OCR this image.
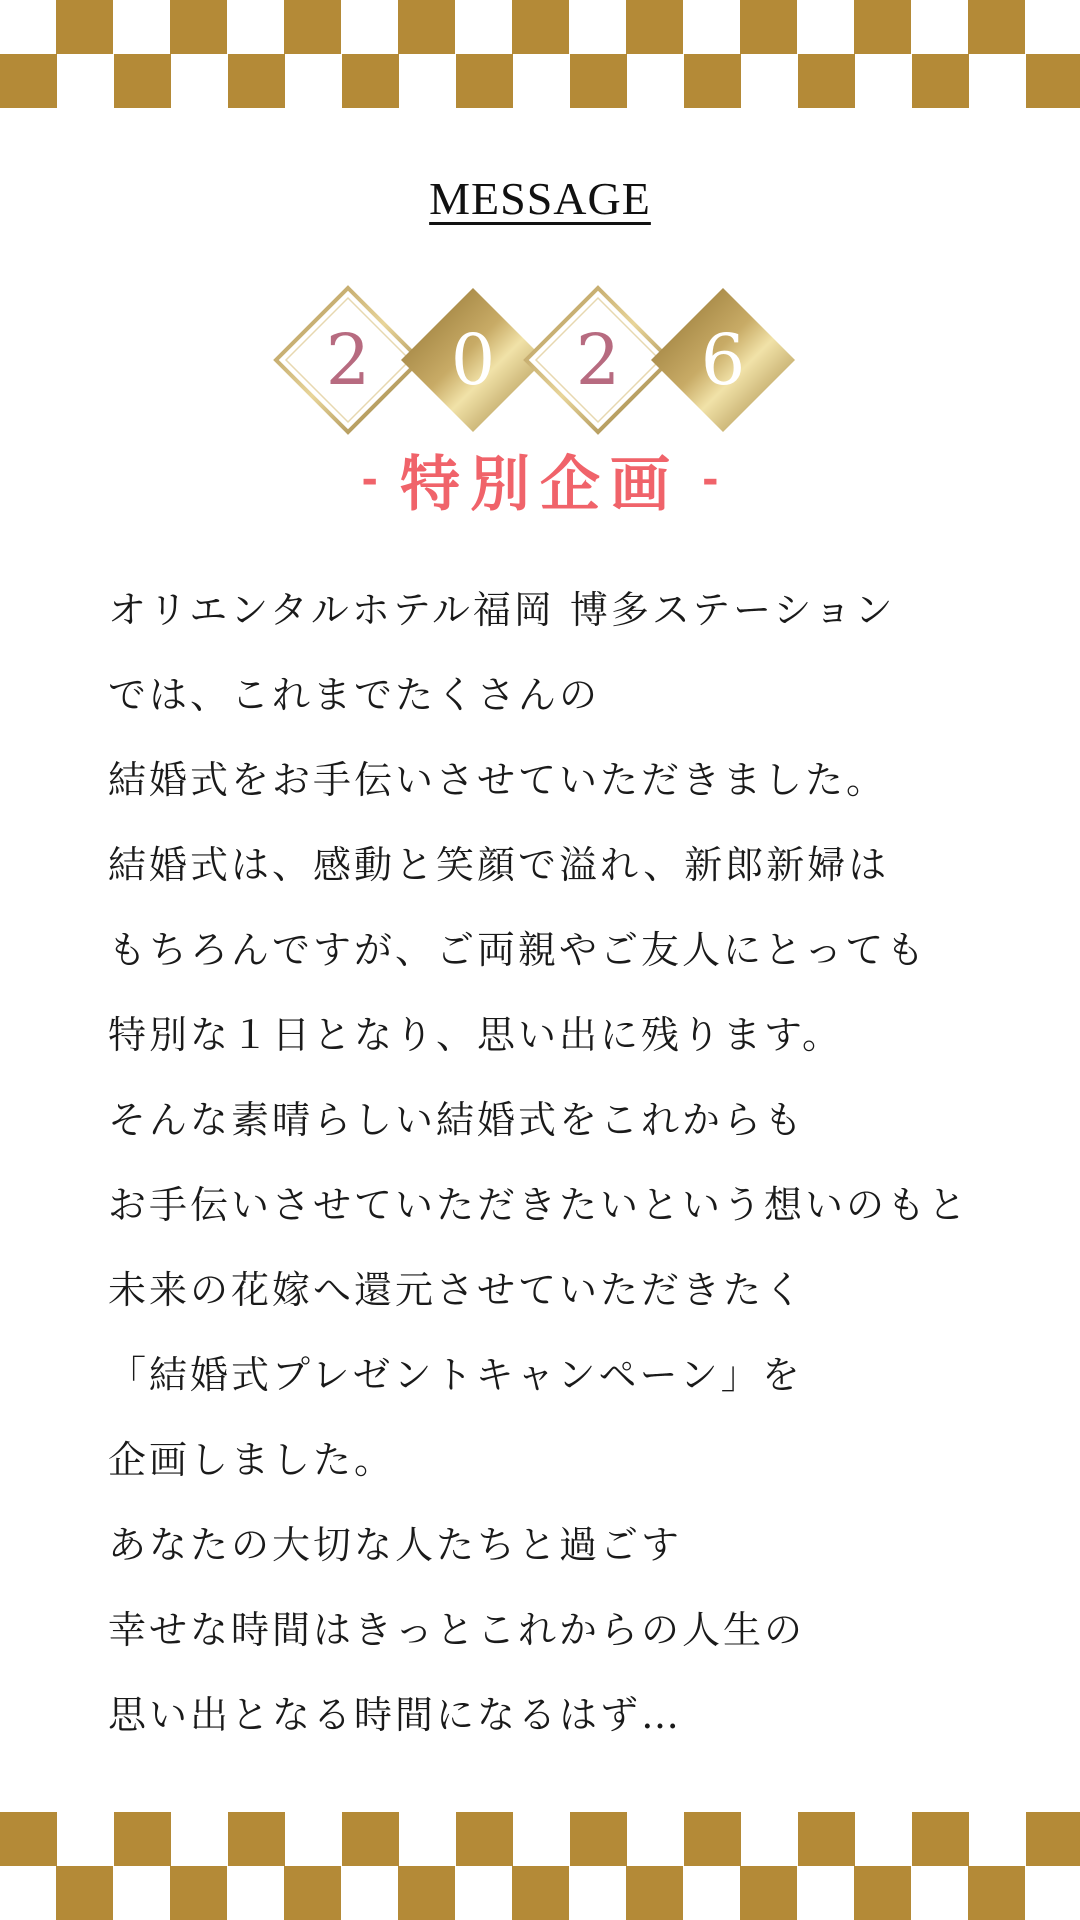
MESSAGE
2 0 2 6
- 特別企画 -
オリエンタルホテル福岡 博多ステーション
では、これまでたくさんの
結婚式をお手伝いさせていただきました。
結婚式は、感動と笑顔で溢れ、新郎新婦は
もちろんですが、ご両親やご友人にとっても
特別な１日となり、思い出に残ります。
そんな素晴らしい結婚式をこれからも
お手伝いさせていただきたいという想いのもと
未来の花嫁へ還元させていただきたく
「結婚式プレゼントキャンペーン」を
企画しました。
あなたの大切な人たちと過ごす
幸せな時間はきっとこれからの人生の
思い出となる時間になるはず…
